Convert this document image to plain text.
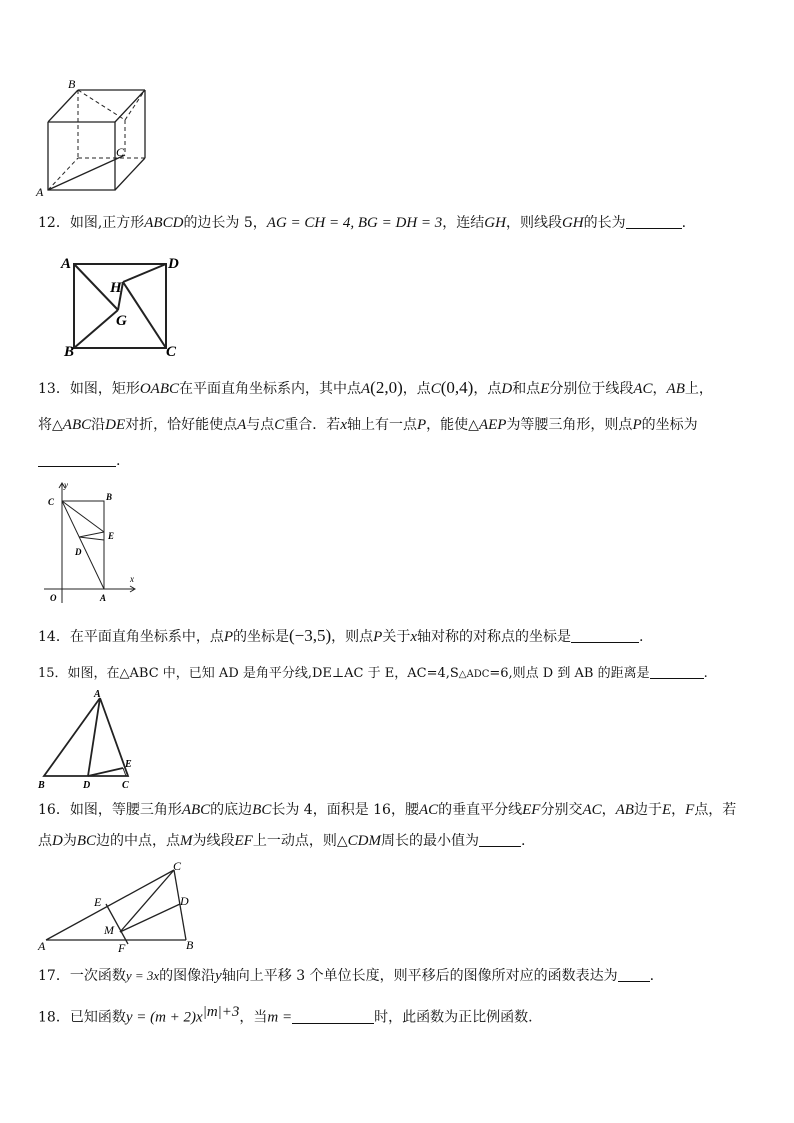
B
C
A
12．如图,正方形ABCD的边长为 5，AG = CH = 4, BG = DH = 3，连结GH，则线段GH的长为	.
A	D
H
G
B	C
13．如图，矩形OABC在平面直角坐标系内，其中点A(2,0)，点C(0,4)，点D和点E分别位于线段AC，AB上，
将△ABC沿DE对折，恰好能使点A与点C重合．若x轴上有一点P，能使△AEP为等腰三角形，则点P的坐标为
.
y
x
C	B
E
D
O	A
14．在平面直角坐标系中，点P的坐标是(−3,5)，则点P关于x轴对称的对称点的坐标是	.
15．如图，在△ABC 中，已知 AD 是角平分线,DE⊥AC 于 E，AC=4,S△ADC=6,则点 D 到 AB 的距离是	.
A
B	D	C
E
16．如图，等腰三角形ABC的底边BC长为 4，面积是 16，腰AC的垂直平分线EF分别交AC，AB边于E，F点，若
点D为BC边的中点，点M为线段EF上一动点，则△CDM周长的最小值为	.
C
E	D
M
A	F	B
17．一次函数y = 3x的图像沿y轴向上平移 3 个单位长度，则平移后的图像所对应的函数表达为 .
18．已知函数$y = (m + 2)x^{|m|+3}$，当m =	时，此函数为正比例函数.
